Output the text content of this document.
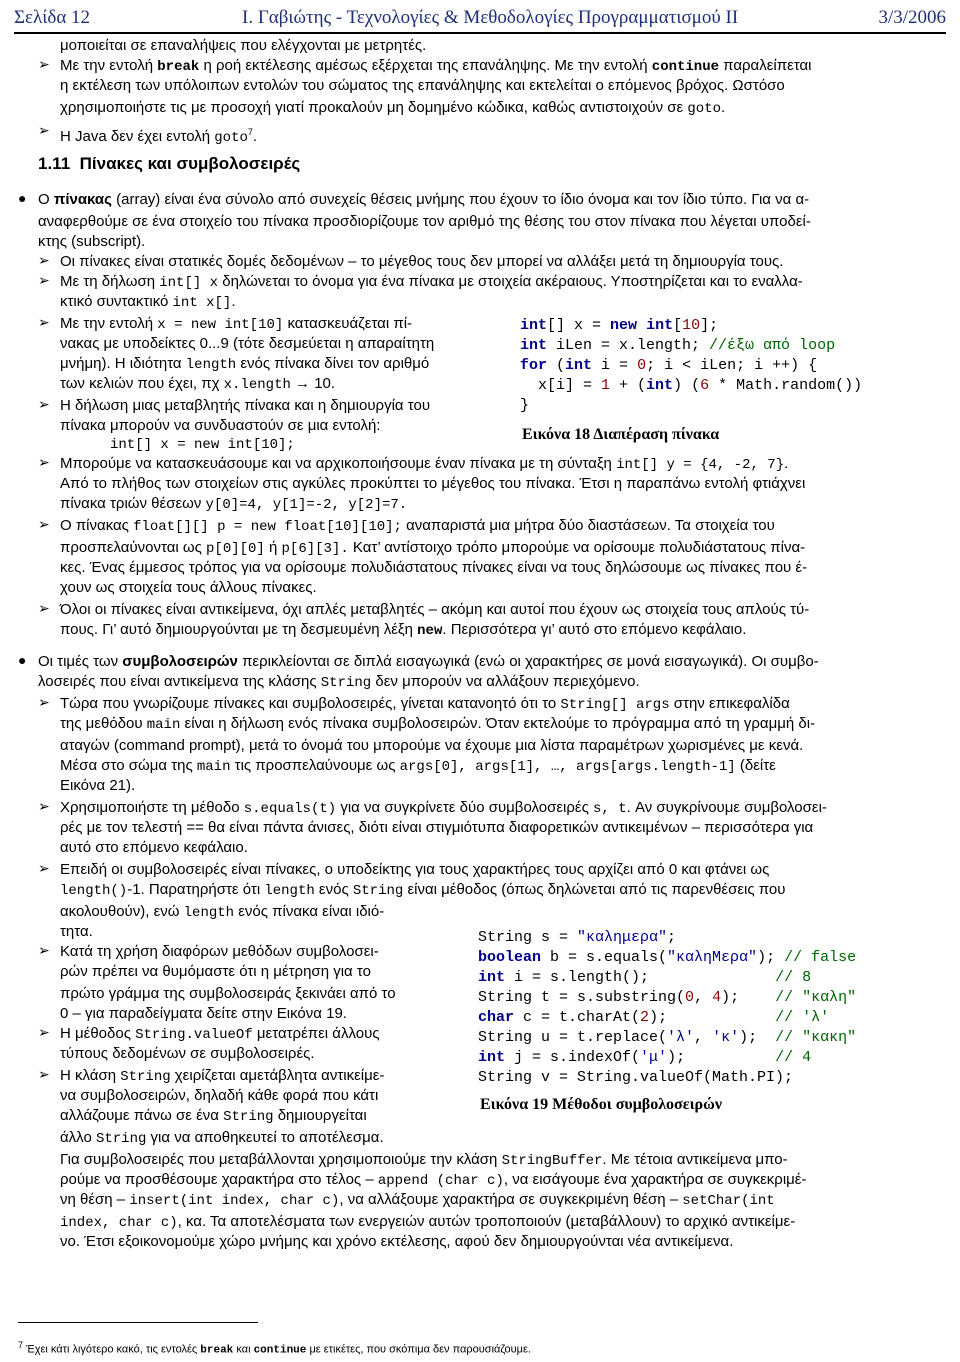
Σελίδα 12	Ι. Γαβιώτης - Τεχνολογίες & Μεθοδολογίες Προγραμματισμού ΙΙ	3/3/2006
μοποιείται σε επαναλήψεις που ελέγχονται με μετρητές.
➢ Με την εντολή break η ροή εκτέλεσης αμέσως εξέρχεται της επανάληψης. Με την εντολή continue παραλείπεται
η εκτέλεση των υπόλοιπων εντολών του σώματος της επανάληψης και εκτελείται ο επόμενος βρόχος. Ωστόσο
χρησιμοποιήστε τις με προσοχή γιατί προκαλούν μη δομημένο κώδικα, καθώς αντιστοιχούν σε goto.
➢ Η Java δεν έχει εντολή goto$^7$.
1.11 Πίνακες και συμβολοσειρές
● Ο πίνακας (array) είναι ένα σύνολο από συνεχείς θέσεις μνήμης που έχουν το ίδιο όνομα και τον ίδιο τύπο. Για να α-
αναφερθούμε σε ένα στοιχείο του πίνακα προσδιορίζουμε τον αριθμό της θέσης του στον πίνακα που λέγεται υποδεί-
κτης (subscript).
➢ Οι πίνακες είναι στατικές δομές δεδομένων – το μέγεθος τους δεν μπορεί να αλλάξει μετά τη δημιουργία τους.
➢ Με τη δήλωση int[] x δηλώνεται το όνομα για ένα πίνακα με στοιχεία ακέραιους. Υποστηρίζεται και το εναλλα-
κτικό συντακτικό int x[].
➢ Με την εντολή x = new int[10] κατασκευάζεται πί-
νακας με υποδείκτες 0...9 (τότε δεσμεύεται η απαραίτητη
μνήμη). Η ιδιότητα length ενός πίνακα δίνει τον αριθμό
των κελιών που έχει, πχ x.length → 10.
➢ Η δήλωση μιας μεταβλητής πίνακα και η δημιουργία του
πίνακα μπορούν να συνδυαστούν σε μια εντολή:
int[] x = new int[10];
int[] x = new int[10];
int iLen = x.length; //έξω από loop
for (int i = 0; i < iLen; i ++) {
x[i] = 1 + (int) (6 * Math.random())
}
Εικόνα 18 Διαπέραση πίνακα
➢ Μπορούμε να κατασκευάσουμε και να αρχικοποιήσουμε έναν πίνακα με τη σύνταξη int[] y = {4, -2, 7}.
Από το πλήθος των στοιχείων στις αγκύλες προκύπτει το μέγεθος του πίνακα. Έτσι η παραπάνω εντολή φτιάχνει
πίνακα τριών θέσεων y[0]=4, y[1]=-2, y[2]=7.
➢ Ο πίνακας float[][] p = new float[10][10]; αναπαριστά μια μήτρα δύο διαστάσεων. Τα στοιχεία του
προσπελαύνονται ως p[0][0] ή p[6][3]. Κατ’ αντίστοιχο τρόπο μπορούμε να ορίσουμε πολυδιάστατους πίνα-
κες. Ένας έμμεσος τρόπος για να ορίσουμε πολυδιάστατους πίνακες είναι να τους δηλώσουμε ως πίνακες που έ-
χουν ως στοιχεία τους άλλους πίνακες.
➢ Όλοι οι πίνακες είναι αντικείμενα, όχι απλές μεταβλητές – ακόμη και αυτοί που έχουν ως στοιχεία τους απλούς τύ-
πους. Γι’ αυτό δημιουργούνται με τη δεσμευμένη λέξη new. Περισσότερα γι’ αυτό στο επόμενο κεφάλαιο.
● Οι τιμές των συμβολοσειρών περικλείονται σε διπλά εισαγωγικά (ενώ οι χαρακτήρες σε μονά εισαγωγικά). Οι συμβο-
λοσειρές που είναι αντικείμενα της κλάσης String δεν μπορούν να αλλάξουν περιεχόμενο.
➢ Τώρα που γνωρίζουμε πίνακες και συμβολοσειρές, γίνεται κατανοητό ότι το String[] args στην επικεφαλίδα
της μεθόδου main είναι η δήλωση ενός πίνακα συμβολοσειρών. Όταν εκτελούμε το πρόγραμμα από τη γραμμή δι-
αταγών (command prompt), μετά το όνομά του μπορούμε να έχουμε μια λίστα παραμέτρων χωρισμένες με κενά.
Μέσα στο σώμα της main τις προσπελαύνουμε ως args[0], args[1], …, args[args.length-1] (δείτε
Εικόνα 21).
➢ Χρησιμοποιήστε τη μέθοδο s.equals(t) για να συγκρίνετε δύο συμβολοσειρές s, t. Αν συγκρίνουμε συμβολοσει-
ρές με τον τελεστή == θα είναι πάντα άνισες, διότι είναι στιγμιότυπα διαφορετικών αντικειμένων – περισσότερα για
αυτό στο επόμενο κεφάλαιο.
➢ Επειδή οι συμβολοσειρές είναι πίνακες, ο υποδείκτης για τους χαρακτήρες τους αρχίζει από 0 και φτάνει ως
length()-1. Παρατηρήστε ότι length ενός String είναι μέθοδος (όπως δηλώνεται από τις παρενθέσεις που
ακολουθούν), ενώ length ενός πίνακα είναι ιδιό-
τητα.
➢ Κατά τη χρήση διαφόρων μεθόδων συμβολοσει-
ρών πρέπει να θυμόμαστε ότι η μέτρηση για το
πρώτο γράμμα της συμβολοσειράς ξεκινάει από το
0 – για παραδείγματα δείτε στην Εικόνα 19.
➢ Η μέθοδος String.valueOf μετατρέπει άλλους
τύπους δεδομένων σε συμβολοσειρές.
➢ Η κλάση String χειρίζεται αμετάβλητα αντικείμε-
να συμβολοσειρών, δηλαδή κάθε φορά που κάτι
αλλάζουμε πάνω σε ένα String δημιουργείται
άλλο String για να αποθηκευτεί το αποτέλεσμα.
String s = "καλημερα";
boolean b = s.equals("καληΜερα"); // false
int i = s.length();              // 8
String t = s.substring(0, 4);    // "καλη"
char c = t.charAt(2);            // 'λ'
String u = t.replace('λ', 'κ');  // "κακη"
int j = s.indexOf('μ');          // 4
String v = String.valueOf(Math.PI);
Εικόνα 19 Μέθοδοι συμβολοσειρών
Για συμβολοσειρές που μεταβάλλονται χρησιμοποιούμε την κλάση StringBuffer. Με τέτοια αντικείμενα μπο-
ρούμε να προσθέσουμε χαρακτήρα στο τέλος – append (char c), να εισάγουμε ένα χαρακτήρα σε συγκεκριμέ-
νη θέση – insert(int index, char c), να αλλάξουμε χαρακτήρα σε συγκεκριμένη θέση – setChar(int
index, char c), κα. Τα αποτελέσματα των ενεργειών αυτών τροποποιούν (μεταβάλλουν) το αρχικό αντικείμε-
νο. Έτσι εξοικονομούμε χώρο μνήμης και χρόνο εκτέλεσης, αφού δεν δημιουργούνται νέα αντικείμενα.
$^7$ Έχει κάτι λιγότερο κακό, τις εντολές break και continue με ετικέτες, που σκόπιμα δεν παρουσιάζουμε.
